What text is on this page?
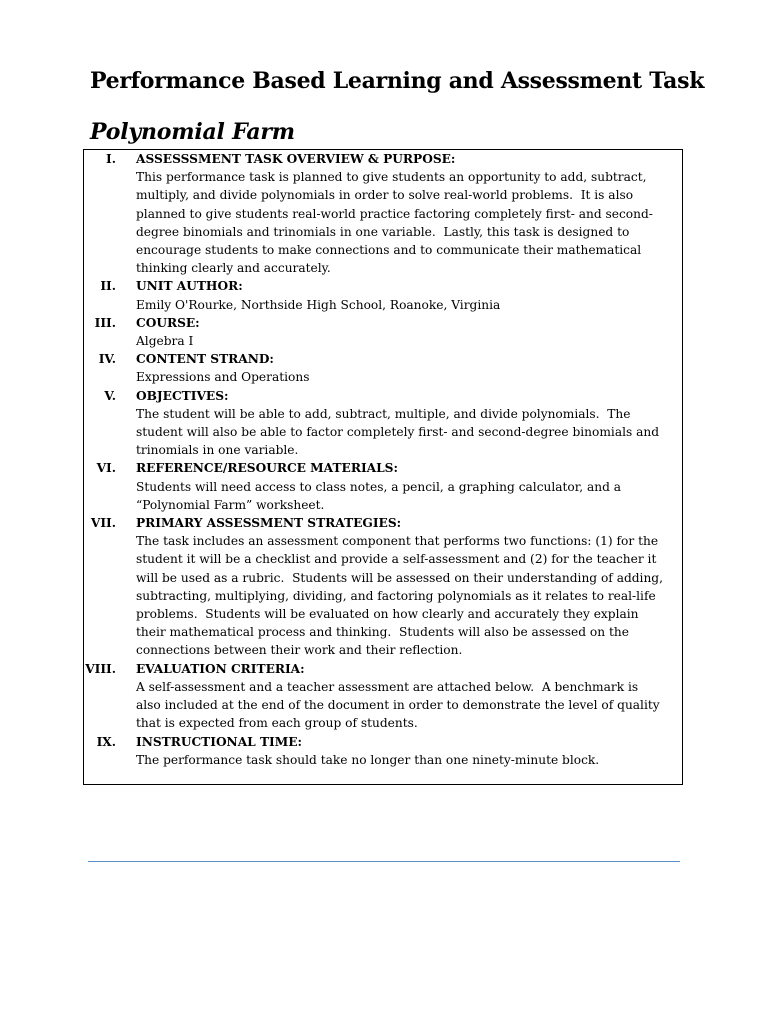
Performance Based Learning and Assessment Task
Polynomial Farm
I. ASSESSSMENT TASK OVERVIEW & PURPOSE:
This performance task is planned to give students an opportunity to add, subtract,
multiply, and divide polynomials in order to solve real-world problems.  It is also
planned to give students real-world practice factoring completely first- and second-
degree binomials and trinomials in one variable.  Lastly, this task is designed to
encourage students to make connections and to communicate their mathematical
thinking clearly and accurately.
II. UNIT AUTHOR:
Emily O'Rourke, Northside High School, Roanoke, Virginia
III. COURSE:
Algebra I
IV. CONTENT STRAND:
Expressions and Operations
V. OBJECTIVES:
The student will be able to add, subtract, multiple, and divide polynomials.  The
student will also be able to factor completely first- and second-degree binomials and
trinomials in one variable.
VI. REFERENCE/RESOURCE MATERIALS:
Students will need access to class notes, a pencil, a graphing calculator, and a
“Polynomial Farm” worksheet.
VII. PRIMARY ASSESSMENT STRATEGIES:
The task includes an assessment component that performs two functions: (1) for the
student it will be a checklist and provide a self-assessment and (2) for the teacher it
will be used as a rubric.  Students will be assessed on their understanding of adding,
subtracting, multiplying, dividing, and factoring polynomials as it relates to real-life
problems.  Students will be evaluated on how clearly and accurately they explain
their mathematical process and thinking.  Students will also be assessed on the
connections between their work and their reflection.
VIII. EVALUATION CRITERIA:
A self-assessment and a teacher assessment are attached below.  A benchmark is
also included at the end of the document in order to demonstrate the level of quality
that is expected from each group of students.
IX. INSTRUCTIONAL TIME:
The performance task should take no longer than one ninety-minute block.
